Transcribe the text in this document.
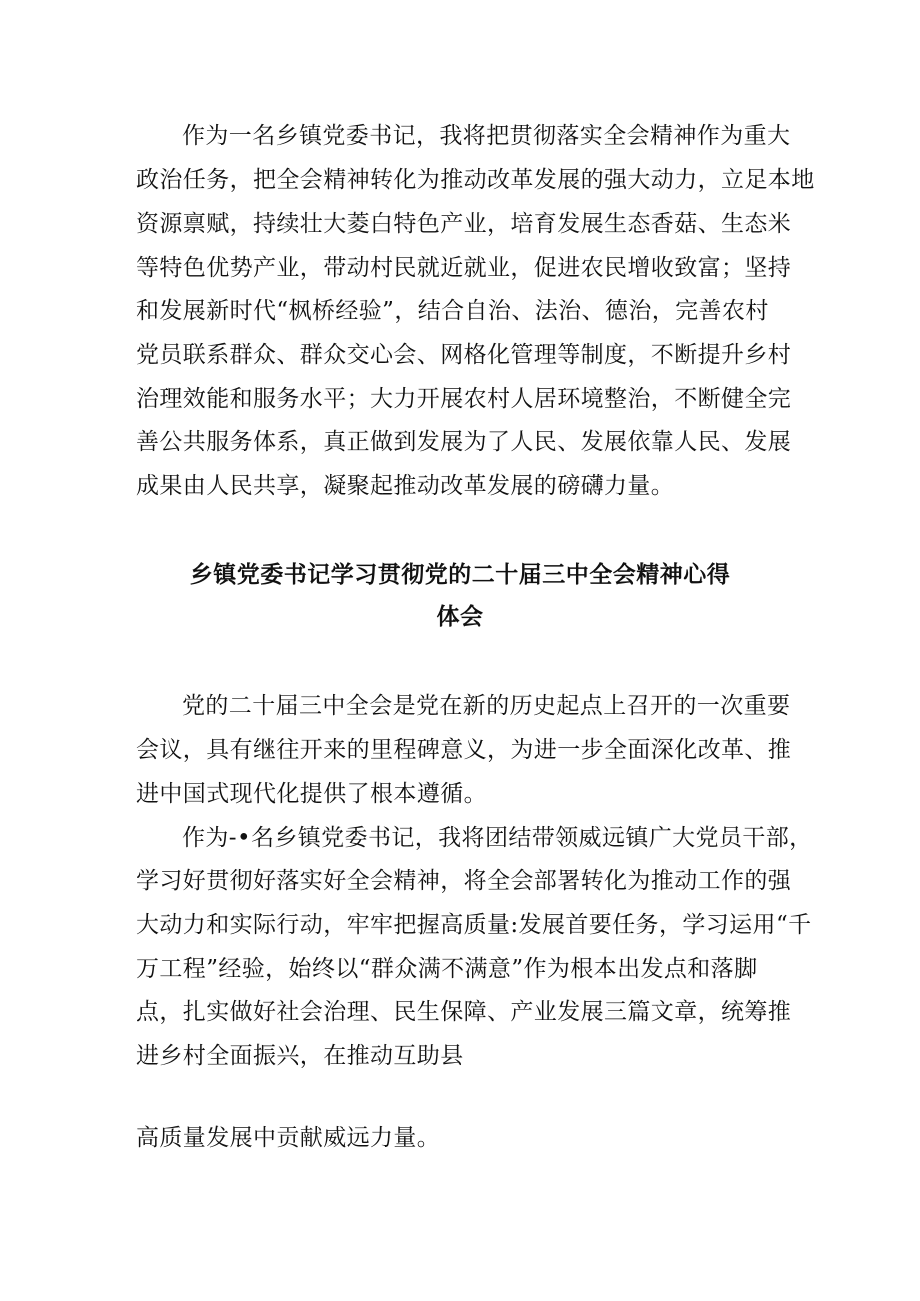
作为一名乡镇党委书记，我将把贯彻落实全会精神作为重大
政治任务，把全会精神转化为推动改革发展的强大动力，立足本地
资源禀赋，持续壮大菱白特色产业，培育发展生态香菇、生态米
等特色优势产业，带动村民就近就业，促进农民增收致富；坚持
和发展新时代“枫桥经验”，结合自治、法治、德治，完善农村
党员联系群众、群众交心会、网格化管理等制度，不断提升乡村
治理效能和服务水平；大力开展农村人居环境整治，不断健全完
善公共服务体系，真正做到发展为了人民、发展依靠人民、发展
成果由人民共享，凝聚起推动改革发展的磅礴力量。
乡镇党委书记学习贯彻党的二十届三中全会精神心得
体会
党的二十届三中全会是党在新的历史起点上召开的一次重要
会议，具有继往开来的里程碑意义，为进一步全面深化改革、推
进中国式现代化提供了根本遵循。
作为-•名乡镇党委书记，我将团结带领威远镇广大党员干部，
学习好贯彻好落实好全会精神，将全会部署转化为推动工作的强
大动力和实际行动，牢牢把握高质量:发展首要任务，学习运用“千
万工程”经验，始终以“群众满不满意”作为根本出发点和落脚
点，扎实做好社会治理、民生保障、产业发展三篇文章，统筹推
进乡村全面振兴，在推动互助县
高质量发展中贡献威远力量。
